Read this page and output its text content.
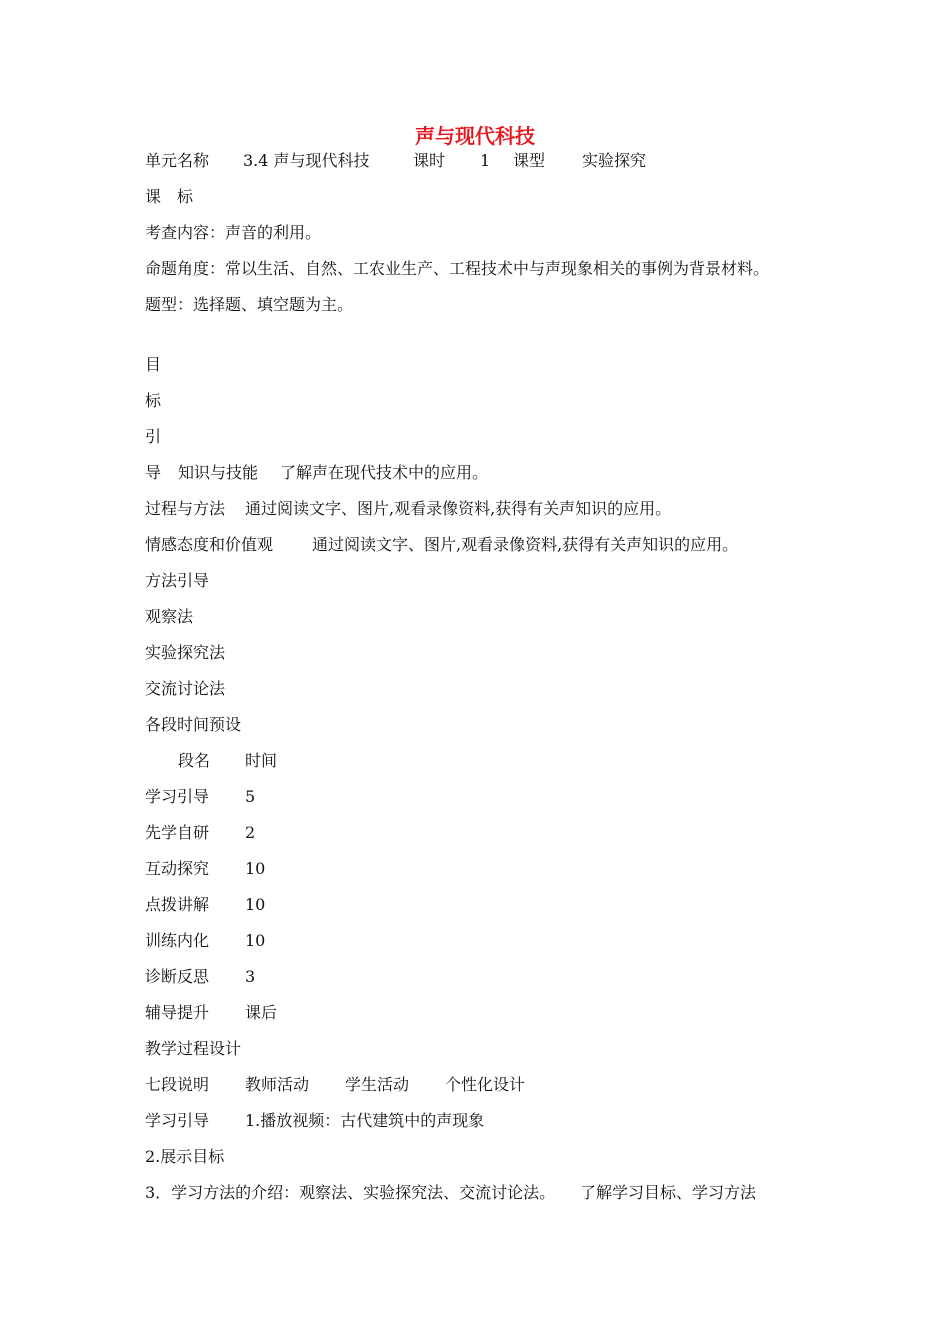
声与现代科技
单元名称 3.4 声与现代科技	课时 1 课型 实验探究
课　标
考查内容：声音的利用。
命题角度：常以生活、自然、工农业生产、工程技术中与声现象相关的事例为背景材料。
题型：选择题、填空题为主。
目
标
引
导 知识与技能 了解声在现代技术中的应用。
过程与方法 通过阅读文字、图片,观看录像资料,获得有关声知识的应用。
情感态度和价值观 通过阅读文字、图片,观看录像资料,获得有关声知识的应用。
方法引导
观察法
实验探究法
交流讨论法
各段时间预设
段名 时间
学习引导 5
先学自研 2
互动探究 10
点拨讲解 10
训练内化 10
诊断反思 3
辅导提升 课后
教学过程设计
七段说明 教师活动 学生活动 个性化设计
学习引导 1.播放视频：古代建筑中的声现象
2.展示目标
3．学习方法的介绍：观察法、实验探究法、交流讨论法。 了解学习目标、学习方法
